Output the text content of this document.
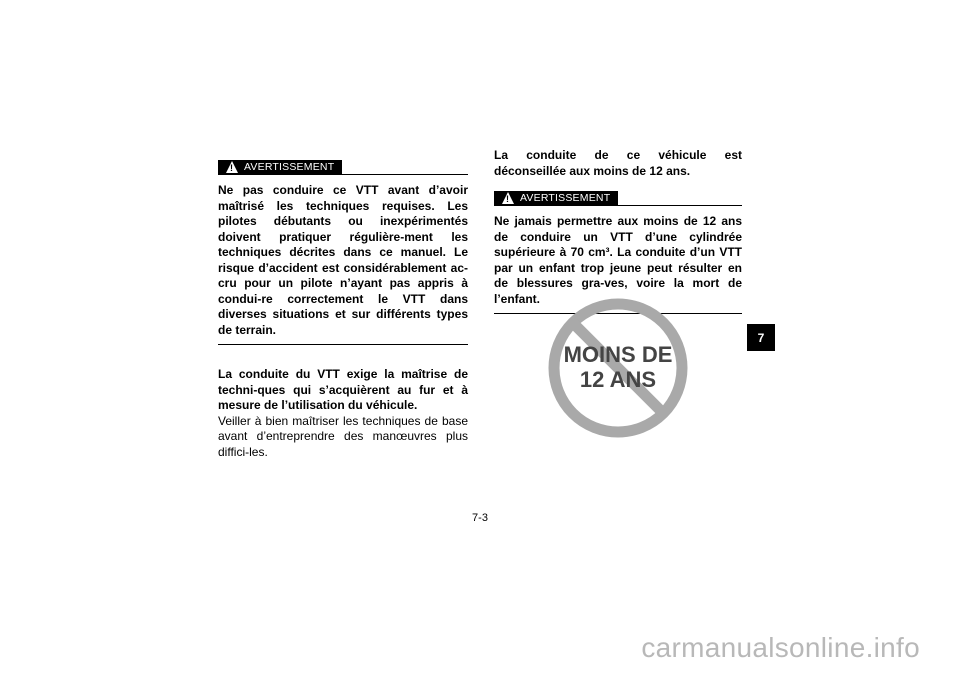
! AVERTISSEMENT

Ne pas conduire ce VTT avant d’avoir maîtrisé les techniques requises. Les pilotes débutants ou inexpérimentés doivent pratiquer régulière-ment les techniques décrites dans ce manuel. Le risque d’accident est considérablement ac-cru pour un pilote n’ayant pas appris à condui-re correctement le VTT dans diverses situations et sur différents types de terrain.

La conduite du VTT exige la maîtrise de techni-ques qui s’acquièrent au fur et à mesure de l’utilisation du véhicule.

Veiller à bien maîtriser les techniques de base avant d’entreprendre des manœuvres plus diffici-les.

La conduite de ce véhicule est déconseillée aux moins de 12 ans.

! AVERTISSEMENT

Ne jamais permettre aux moins de 12 ans de conduire un VTT d’une cylindrée supérieure à 70 cm³. La conduite d’un VTT par un enfant trop jeune peut résulter en de blessures gra-ves, voire la mort de l’enfant.

MOINS DE
12 ANS
7
7-3
carmanualsonline.info
